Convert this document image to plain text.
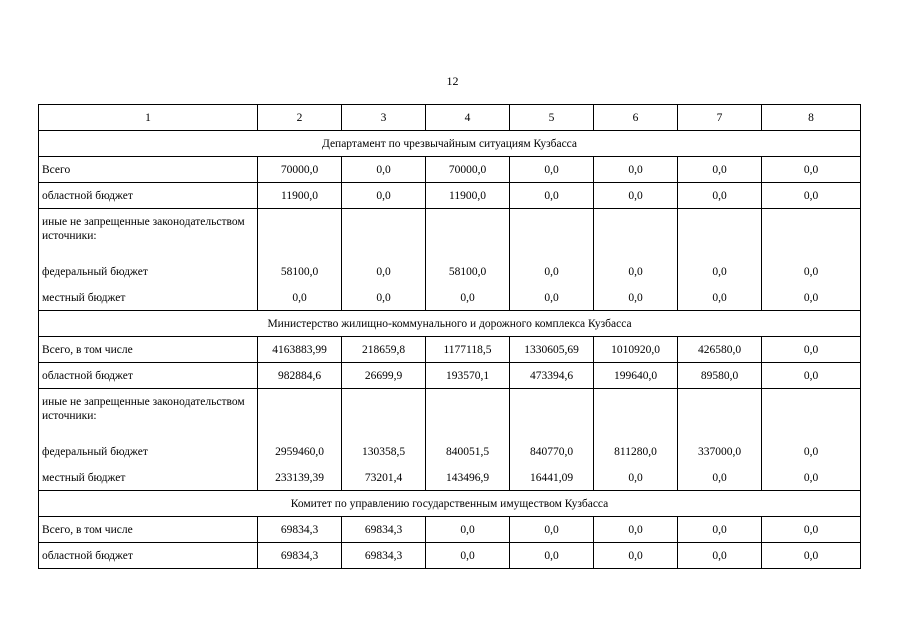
12
1	2	3	4	5	6	7	8
Департамент по чрезвычайным ситуациям Кузбасса							
Всего	70000,0	0,0	70000,0	0,0	0,0	0,0	0,0
областной бюджет	11900,0	0,0	11900,0	0,0	0,0	0,0	0,0
иные не запрещенные законодательством источники:							
федеральный бюджет	58100,0	0,0	58100,0	0,0	0,0	0,0	0,0
местный бюджет	0,0	0,0	0,0	0,0	0,0	0,0	0,0
Министерство жилищно-коммунального и дорожного комплекса Кузбасса							
Всего, в том числе	4163883,99	218659,8	1177118,5	1330605,69	1010920,0	426580,0	0,0
областной бюджет	982884,6	26699,9	193570,1	473394,6	199640,0	89580,0	0,0
иные не запрещенные законодательством источники:							
федеральный бюджет	2959460,0	130358,5	840051,5	840770,0	811280,0	337000,0	0,0
местный бюджет	233139,39	73201,4	143496,9	16441,09	0,0	0,0	0,0
Комитет по управлению государственным имуществом Кузбасса							
Всего, в том числе	69834,3	69834,3	0,0	0,0	0,0	0,0	0,0
областной бюджет	69834,3	69834,3	0,0	0,0	0,0	0,0	0,0
